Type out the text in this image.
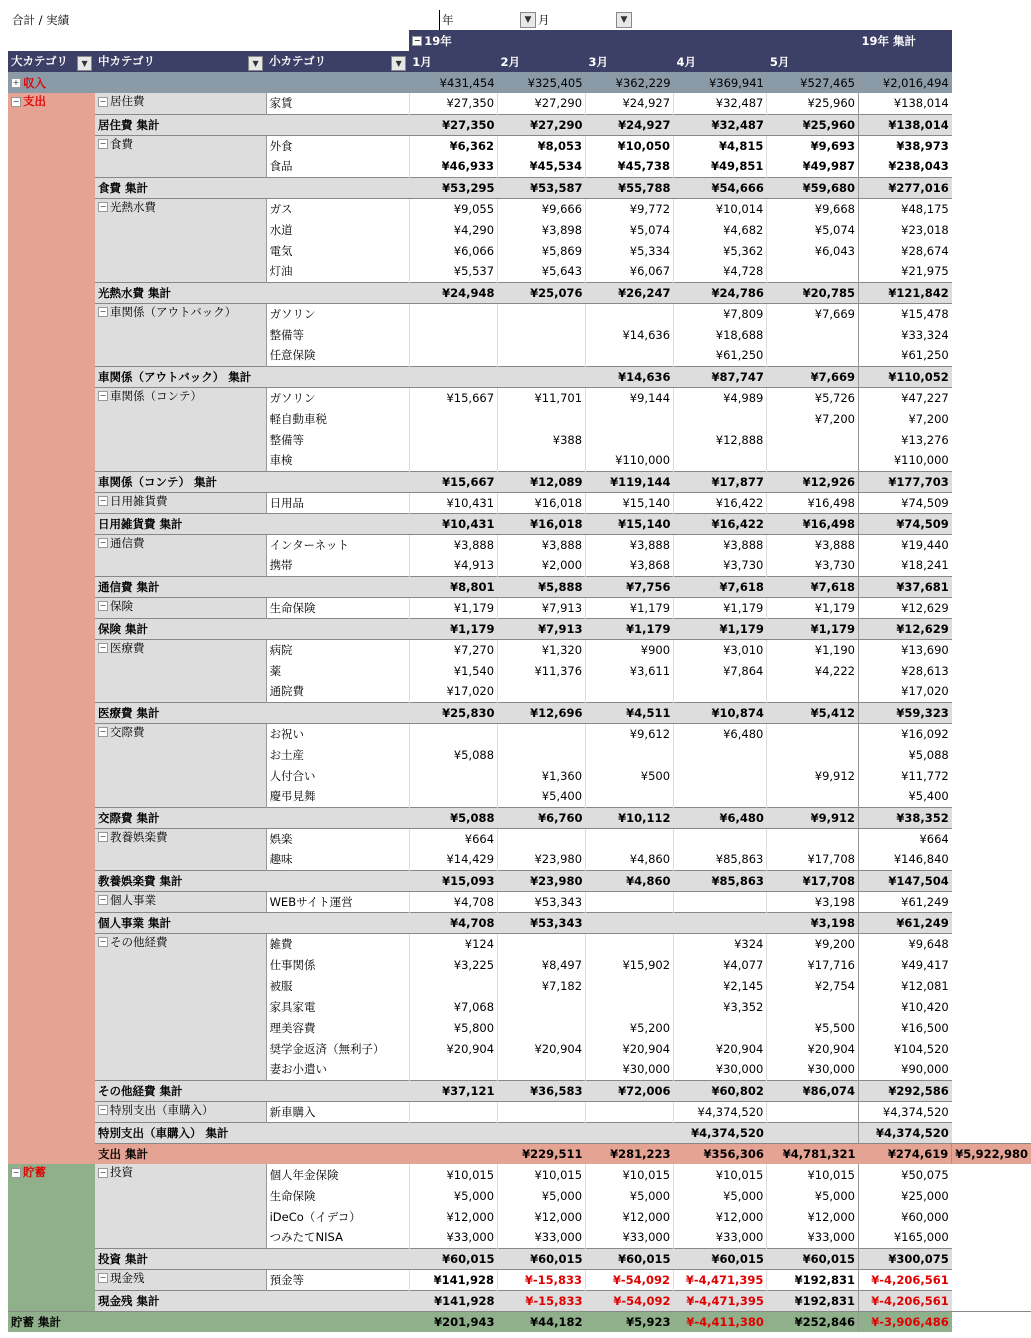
合計 / 実績	年	▼ 月	▼
			− 19年					19年 集計	
大カテゴリ ▼	中カテゴリ ▼	小カテゴリ ▼	1月	2月	3月	4月	5月		
+ 収入			¥431,454	¥325,405	¥362,229	¥369,941	¥527,465	¥2,016,494	
− 支出	− 居住費	家賃	¥27,350	¥27,290	¥24,927	¥32,487	¥25,960	¥138,014	
	居住費 集計		¥27,350	¥27,290	¥24,927	¥32,487	¥25,960	¥138,014	
	− 食費	外食	¥6,362	¥8,053	¥10,050	¥4,815	¥9,693	¥38,973	
		食品	¥46,933	¥45,534	¥45,738	¥49,851	¥49,987	¥238,043	
	食費 集計		¥53,295	¥53,587	¥55,788	¥54,666	¥59,680	¥277,016	
	− 光熱水費	ガス	¥9,055	¥9,666	¥9,772	¥10,014	¥9,668	¥48,175	
		水道	¥4,290	¥3,898	¥5,074	¥4,682	¥5,074	¥23,018	
		電気	¥6,066	¥5,869	¥5,334	¥5,362	¥6,043	¥28,674	
		灯油	¥5,537	¥5,643	¥6,067	¥4,728		¥21,975	
	光熱水費 集計		¥24,948	¥25,076	¥26,247	¥24,786	¥20,785	¥121,842	
	− 車関係（アウトバック）	ガソリン				¥7,809	¥7,669	¥15,478	
		整備等			¥14,636	¥18,688		¥33,324	
		任意保険				¥61,250		¥61,250	
	車関係（アウトバック） 集計				¥14,636	¥87,747	¥7,669	¥110,052	
	− 車関係（コンテ）	ガソリン	¥15,667	¥11,701	¥9,144	¥4,989	¥5,726	¥47,227	
		軽自動車税					¥7,200	¥7,200	
		整備等		¥388		¥12,888		¥13,276	
		車検			¥110,000			¥110,000	
	車関係（コンテ） 集計		¥15,667	¥12,089	¥119,144	¥17,877	¥12,926	¥177,703	
	− 日用雑貨費	日用品	¥10,431	¥16,018	¥15,140	¥16,422	¥16,498	¥74,509	
	日用雑貨費 集計		¥10,431	¥16,018	¥15,140	¥16,422	¥16,498	¥74,509	
	− 通信費	インターネット	¥3,888	¥3,888	¥3,888	¥3,888	¥3,888	¥19,440	
		携帯	¥4,913	¥2,000	¥3,868	¥3,730	¥3,730	¥18,241	
	通信費 集計		¥8,801	¥5,888	¥7,756	¥7,618	¥7,618	¥37,681	
	− 保険	生命保険	¥1,179	¥7,913	¥1,179	¥1,179	¥1,179	¥12,629	
	保険 集計		¥1,179	¥7,913	¥1,179	¥1,179	¥1,179	¥12,629	
	− 医療費	病院	¥7,270	¥1,320	¥900	¥3,010	¥1,190	¥13,690	
		薬	¥1,540	¥11,376	¥3,611	¥7,864	¥4,222	¥28,613	
		通院費	¥17,020					¥17,020	
	医療費 集計		¥25,830	¥12,696	¥4,511	¥10,874	¥5,412	¥59,323	
	− 交際費	お祝い			¥9,612	¥6,480		¥16,092	
		お土産	¥5,088					¥5,088	
		人付合い		¥1,360	¥500		¥9,912	¥11,772	
		慶弔見舞		¥5,400				¥5,400	
	交際費 集計		¥5,088	¥6,760	¥10,112	¥6,480	¥9,912	¥38,352	
	− 教養娯楽費	娯楽	¥664					¥664	
		趣味	¥14,429	¥23,980	¥4,860	¥85,863	¥17,708	¥146,840	
	教養娯楽費 集計		¥15,093	¥23,980	¥4,860	¥85,863	¥17,708	¥147,504	
	− 個人事業	WEBサイト運営	¥4,708	¥53,343			¥3,198	¥61,249	
	個人事業 集計		¥4,708	¥53,343			¥3,198	¥61,249	
	− その他経費	雑費	¥124			¥324	¥9,200	¥9,648	
		仕事関係	¥3,225	¥8,497	¥15,902	¥4,077	¥17,716	¥49,417	
		被服		¥7,182		¥2,145	¥2,754	¥12,081	
		家具家電	¥7,068			¥3,352		¥10,420	
		理美容費	¥5,800		¥5,200		¥5,500	¥16,500	
		奨学金返済（無利子）	¥20,904	¥20,904	¥20,904	¥20,904	¥20,904	¥104,520	
		妻お小遣い			¥30,000	¥30,000	¥30,000	¥90,000	
	その他経費 集計		¥37,121	¥36,583	¥72,006	¥60,802	¥86,074	¥292,586	
	− 特別支出（車購入）	新車購入				¥4,374,520		¥4,374,520	
	特別支出（車購入） 集計					¥4,374,520		¥4,374,520	
	支出 集計			¥229,511	¥281,223	¥356,306	¥4,781,321	¥274,619	¥5,922,980
− 貯蓄	− 投資	個人年金保険	¥10,015	¥10,015	¥10,015	¥10,015	¥10,015	¥50,075	
		生命保険	¥5,000	¥5,000	¥5,000	¥5,000	¥5,000	¥25,000	
		iDeCo（イデコ）	¥12,000	¥12,000	¥12,000	¥12,000	¥12,000	¥60,000	
		つみたてNISA	¥33,000	¥33,000	¥33,000	¥33,000	¥33,000	¥165,000	
	投資 集計		¥60,015	¥60,015	¥60,015	¥60,015	¥60,015	¥300,075	
	− 現金残	預金等	¥141,928	¥-15,833	¥-54,092	¥-4,471,395	¥192,831	¥-4,206,561	
	現金残 集計		¥141,928	¥-15,833	¥-54,092	¥-4,471,395	¥192,831	¥-4,206,561	
貯蓄 集計			¥201,943	¥44,182	¥5,923	¥-4,411,380	¥252,846	¥-3,906,486	
